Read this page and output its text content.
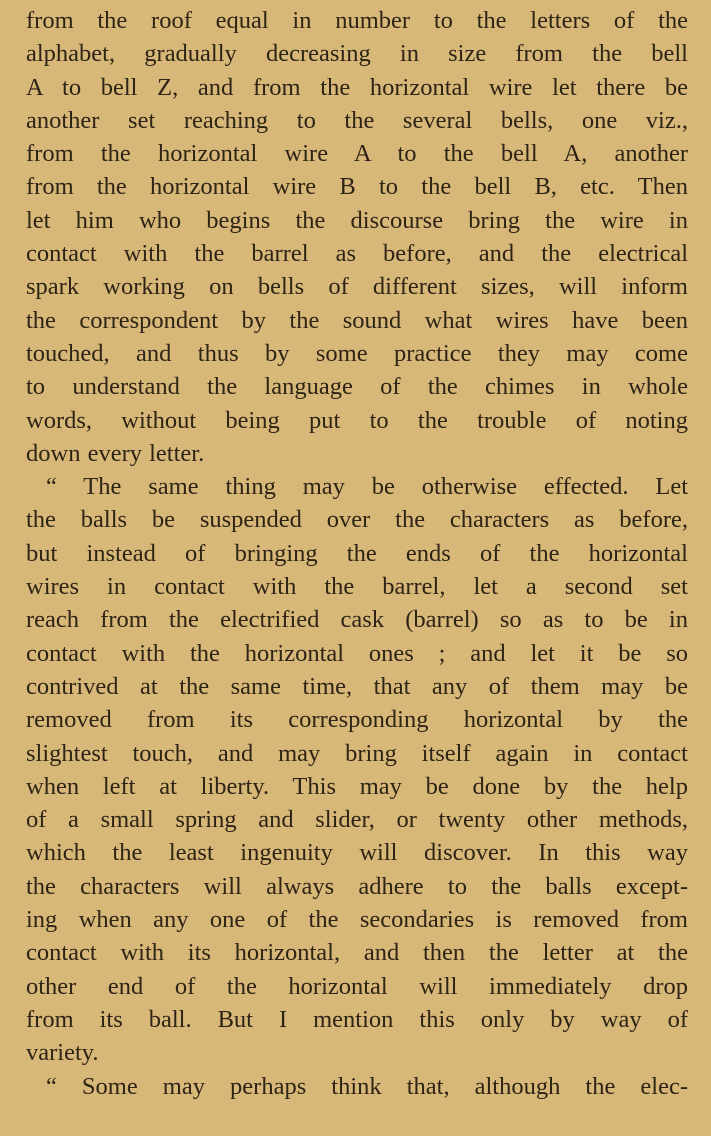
from the roof equal in number to the letters of the
alphabet, gradually decreasing in size from the bell
A to bell Z, and from the horizontal wire let there be
another set reaching to the several bells, one viz.,
from the horizontal wire A to the bell A, another
from the horizontal wire B to the bell B, etc. Then
let him who begins the discourse bring the wire in
contact with the barrel as before, and the electrical
spark working on bells of different sizes, will inform
the correspondent by the sound what wires have been
touched, and thus by some practice they may come
to understand the language of the chimes in whole
words, without being put to the trouble of noting
down every letter.
“ The same thing may be otherwise effected. Let
the balls be suspended over the characters as before,
but instead of bringing the ends of the horizontal
wires in contact with the barrel, let a second set
reach from the electrified cask (barrel) so as to be in
contact with the horizontal ones ; and let it be so
contrived at the same time, that any of them may be
removed from its corresponding horizontal by the
slightest touch, and may bring itself again in contact
when left at liberty. This may be done by the help
of a small spring and slider, or twenty other methods,
which the least ingenuity will discover. In this way
the characters will always adhere to the balls except-
ing when any one of the secondaries is removed from
contact with its horizontal, and then the letter at the
other end of the horizontal will immediately drop
from its ball. But I mention this only by way of
variety.
“ Some may perhaps think that, although the elec-
